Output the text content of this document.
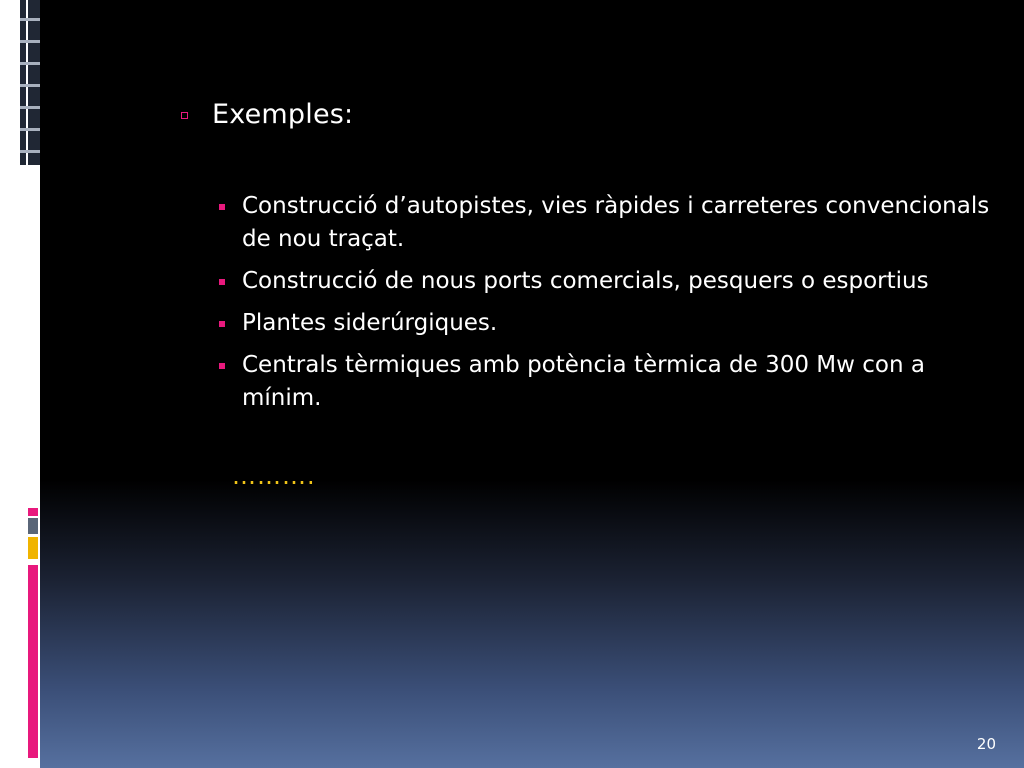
Exemples:
Construcció d’autopistes, vies ràpides i carreteres convencionals de nou traçat.
Construcció de nous ports comercials, pesquers o esportius
Plantes siderúrgiques.
Centrals tèrmiques amb potència tèrmica de 300 Mw con a mínim.
……….
20
